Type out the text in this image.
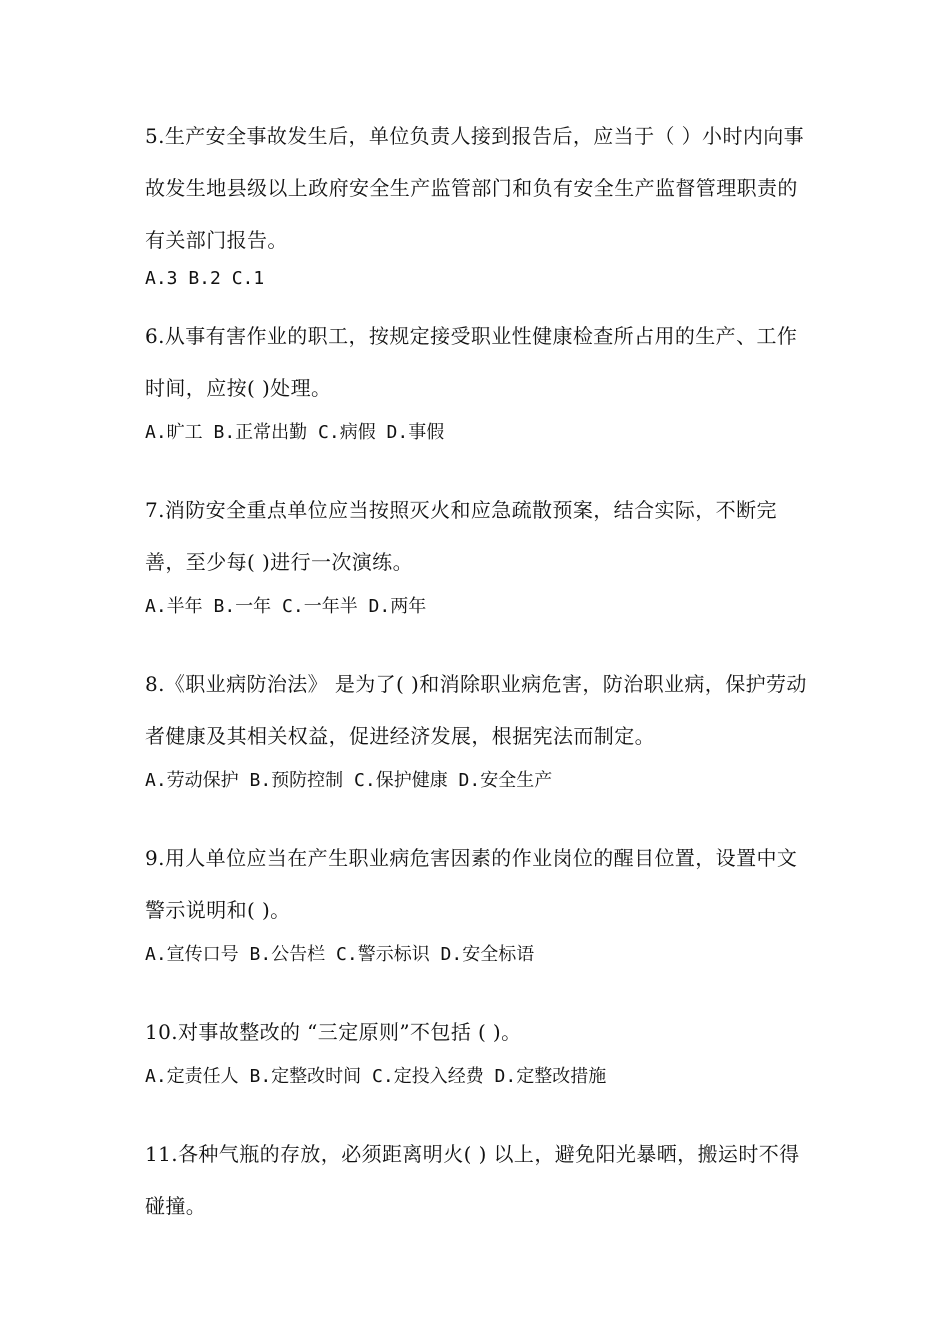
5.生产安全事故发生后，单位负责人接到报告后，应当于（ ）小时内向事故发生地县级以上政府安全生产监管部门和负有安全生产监督管理职责的有关部门报告。

A.3 B.2 C.1

6.从事有害作业的职工，按规定接受职业性健康检查所占用的生产、工作时间，应按( )处理。

A.旷工 B.正常出勤 C.病假 D.事假

7.消防安全重点单位应当按照灭火和应急疏散预案，结合实际，不断完善，至少每( )进行一次演练。

A.半年 B.一年 C.一年半 D.两年

8.《职业病防治法》 是为了( )和消除职业病危害，防治职业病，保护劳动者健康及其相关权益，促进经济发展，根据宪法而制定。

A.劳动保护 B.预防控制 C.保护健康 D.安全生产

9.用人单位应当在产生职业病危害因素的作业岗位的醒目位置，设置中文警示说明和( )。

A.宣传口号 B.公告栏 C.警示标识 D.安全标语

10.对事故整改的 “三定原则”不包括 ( )。

A.定责任人 B.定整改时间 C.定投入经费 D.定整改措施

11.各种气瓶的存放，必须距离明火( ) 以上，避免阳光暴晒，搬运时不得碰撞。
